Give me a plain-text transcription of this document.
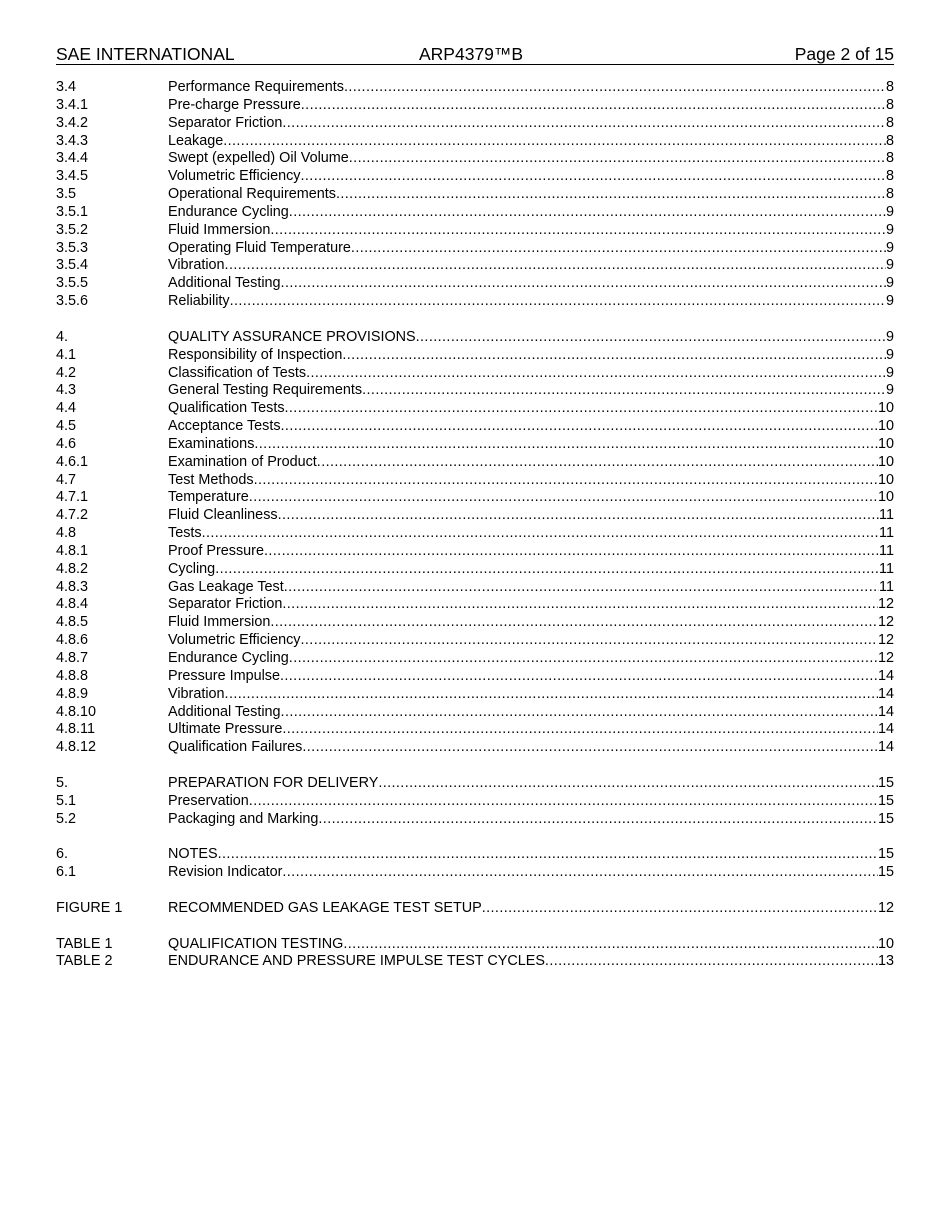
SAE INTERNATIONAL	ARP4379™B	Page 2 of 15
3.4	Performance Requirements .....	8
3.4.1	Pre-charge Pressure .....	8
3.4.2	Separator Friction .....	8
3.4.3	Leakage .....	8
3.4.4	Swept (expelled) Oil Volume .....	8
3.4.5	Volumetric Efficiency .....	8
3.5	Operational Requirements .....	8
3.5.1	Endurance Cycling .....	9
3.5.2	Fluid Immersion .....	9
3.5.3	Operating Fluid Temperature .....	9
3.5.4	Vibration .....	9
3.5.5	Additional Testing .....	9
3.5.6	Reliability .....	9
4.	QUALITY ASSURANCE PROVISIONS .....	9
4.1	Responsibility of Inspection .....	9
4.2	Classification of Tests .....	9
4.3	General Testing Requirements .....	9
4.4	Qualification Tests .....	10
4.5	Acceptance Tests .....	10
4.6	Examinations .....	10
4.6.1	Examination of Product .....	10
4.7	Test Methods .....	10
4.7.1	Temperature .....	10
4.7.2	Fluid Cleanliness .....	11
4.8	Tests .....	11
4.8.1	Proof Pressure .....	11
4.8.2	Cycling .....	11
4.8.3	Gas Leakage Test .....	11
4.8.4	Separator Friction .....	12
4.8.5	Fluid Immersion .....	12
4.8.6	Volumetric Efficiency .....	12
4.8.7	Endurance Cycling .....	12
4.8.8	Pressure Impulse .....	14
4.8.9	Vibration .....	14
4.8.10	Additional Testing .....	14
4.8.11	Ultimate Pressure .....	14
4.8.12	Qualification Failures .....	14
5.	PREPARATION FOR DELIVERY .....	15
5.1	Preservation .....	15
5.2	Packaging and Marking .....	15
6.	NOTES .....	15
6.1	Revision Indicator .....	15
FIGURE 1	RECOMMENDED GAS LEAKAGE TEST SETUP .....	12
TABLE 1	QUALIFICATION TESTING .....	10
TABLE 2	ENDURANCE AND PRESSURE IMPULSE TEST CYCLES .....	13
